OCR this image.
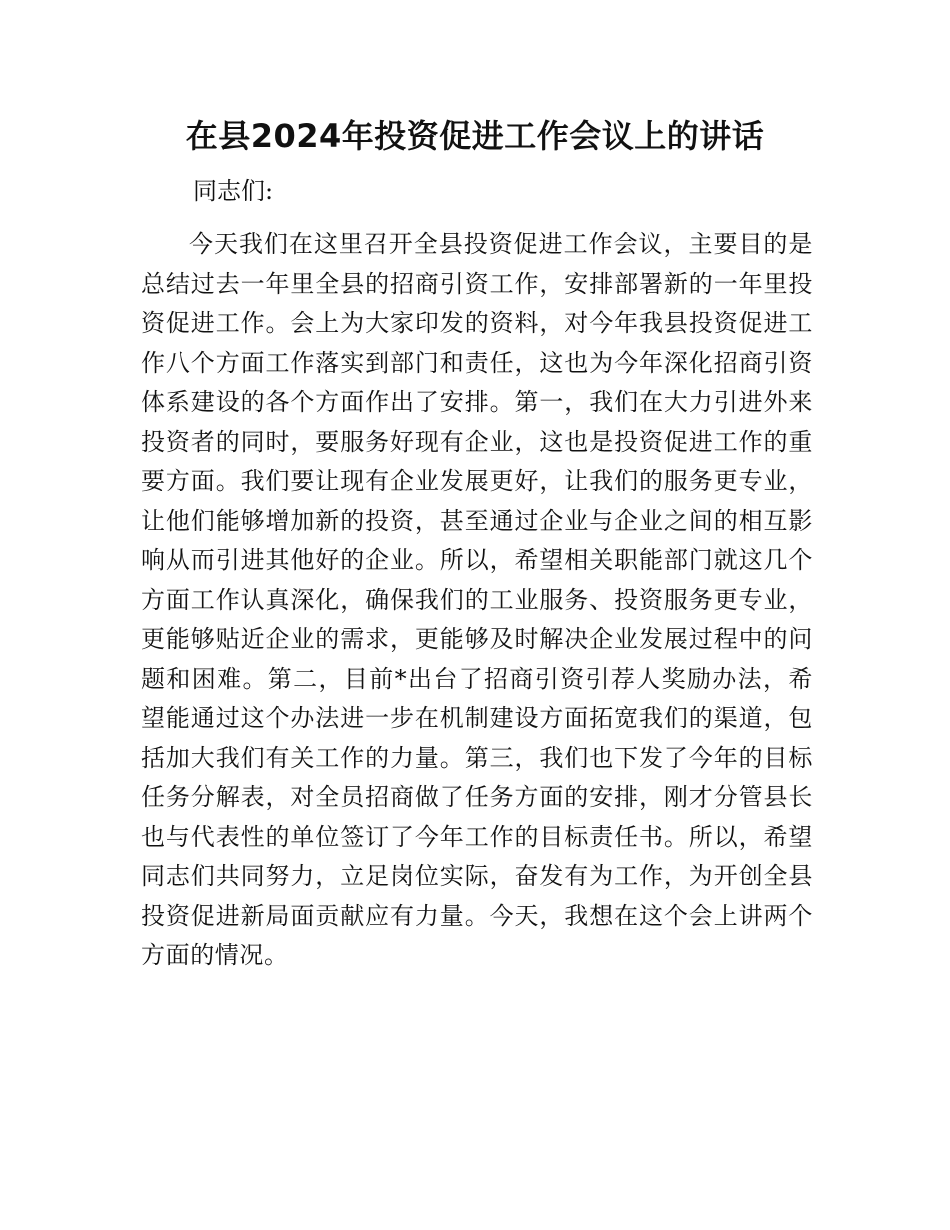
在县2024年投资促进工作会议上的讲话

同志们:

今天我们在这里召开全县投资促进工作会议，主要目的是总结过去一年里全县的招商引资工作，安排部署新的一年里投资促进工作。会上为大家印发的资料，对今年我县投资促进工作八个方面工作落实到部门和责任，这也为今年深化招商引资体系建设的各个方面作出了安排。第一，我们在大力引进外来投资者的同时，要服务好现有企业，这也是投资促进工作的重要方面。我们要让现有企业发展更好，让我们的服务更专业，让他们能够增加新的投资，甚至通过企业与企业之间的相互影响从而引进其他好的企业。所以，希望相关职能部门就这几个方面工作认真深化，确保我们的工业服务、投资服务更专业，更能够贴近企业的需求，更能够及时解决企业发展过程中的问题和困难。第二，目前*出台了招商引资引荐人奖励办法，希望能通过这个办法进一步在机制建设方面拓宽我们的渠道，包括加大我们有关工作的力量。第三，我们也下发了今年的目标任务分解表，对全员招商做了任务方面的安排，刚才分管县长也与代表性的单位签订了今年工作的目标责任书。所以，希望同志们共同努力，立足岗位实际，奋发有为工作，为开创全县投资促进新局面贡献应有力量。今天，我想在这个会上讲两个方面的情况。
